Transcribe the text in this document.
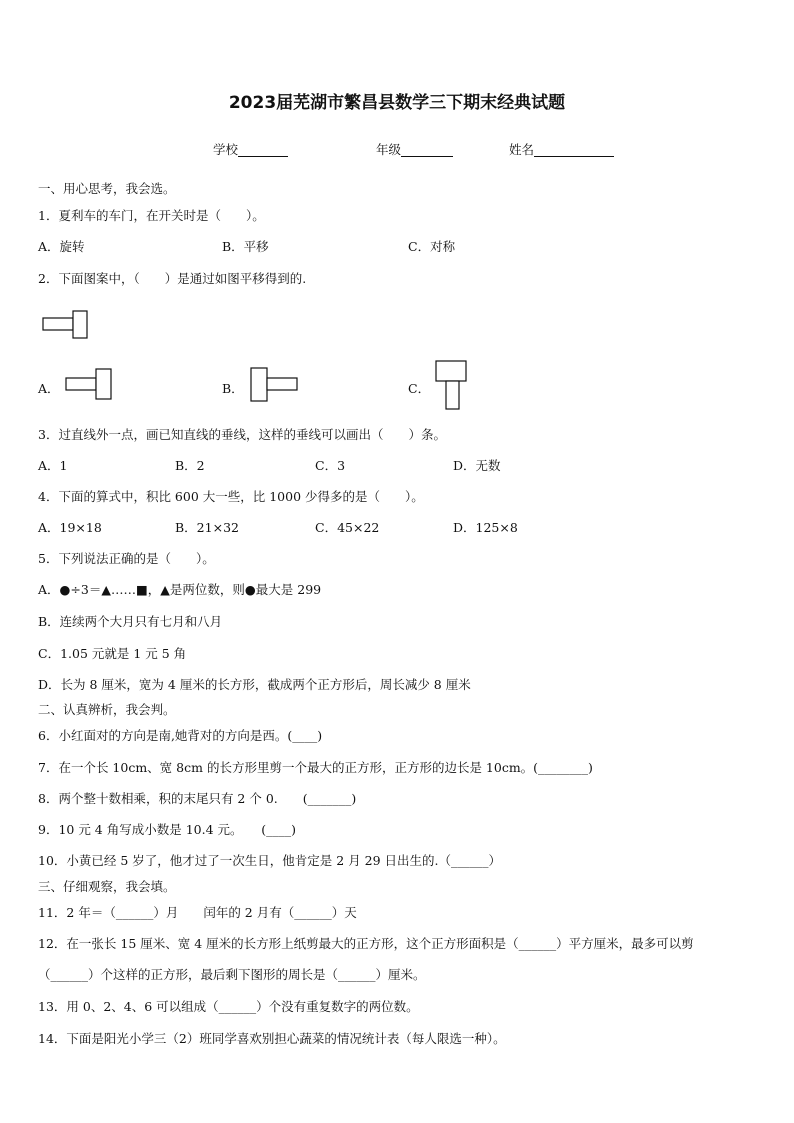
2023届芜湖市繁昌县数学三下期末经典试题
学校	年级	姓名
一、用心思考，我会选。
1．夏利车的车门，在开关时是（　　）。
A．旋转	B．平移	C．对称
2．下面图案中，（　　）是通过如图平移得到的.
A．	B．	C．
3．过直线外一点，画已知直线的垂线，这样的垂线可以画出（　　）条。
A．1	B．2	C．3	D．无数
4．下面的算式中，积比 600 大一些，比 1000 少得多的是（　　）。
A．19×18	B．21×32	C．45×22	D．125×8
5．下列说法正确的是（　　）。
A．●÷3＝▲……■，▲是两位数，则●最大是 299
B．连续两个大月只有七月和八月
C．1.05 元就是 1 元 5 角
D．长为 8 厘米，宽为 4 厘米的长方形，截成两个正方形后，周长减少 8 厘米
二、认真辨析，我会判。
6．小红面对的方向是南,她背对的方向是西。(____)
7．在一个长 10cm、宽 8cm 的长方形里剪一个最大的正方形，正方形的边长是 10cm。(________)
8．两个整十数相乘，积的末尾只有 2 个 0.　　(_______)
9．10 元 4 角写成小数是 10.4 元。　　(____)
10．小黄已经 5 岁了，他才过了一次生日，他肯定是 2 月 29 日出生的.（______）
三、仔细观察，我会填。
11．2 年＝（______）月　　闰年的 2 月有（______）天
12．在一张长 15 厘米、宽 4 厘米的长方形上纸剪最大的正方形，这个正方形面积是（______）平方厘米，最多可以剪
（______）个这样的正方形，最后剩下图形的周长是（______）厘米。
13．用 0、2、4、6 可以组成（______）个没有重复数字的两位数。
14．下面是阳光小学三（2）班同学喜欢别担心蔬菜的情况统计表（每人限选一种）。
